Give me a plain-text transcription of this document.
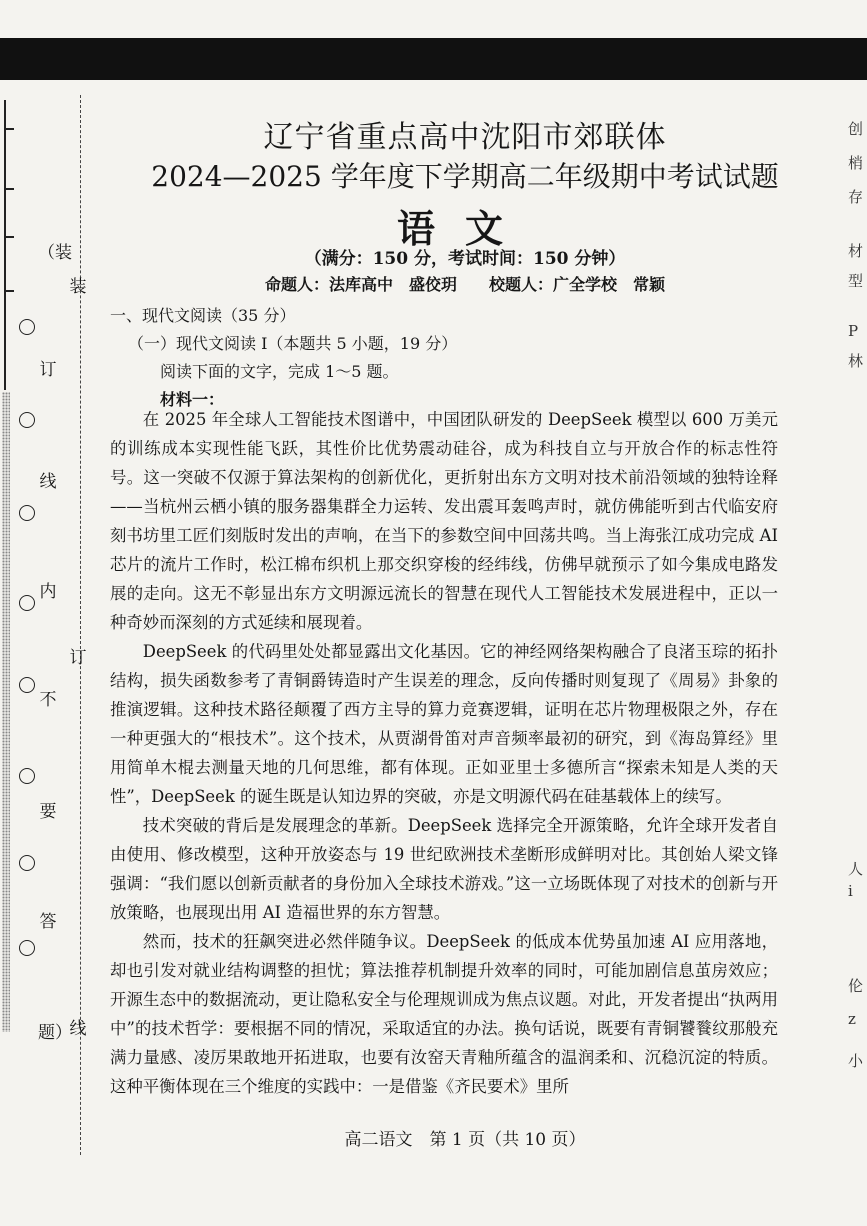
（装
订
线
内
不
要
答
题）
装
订
线
创
梢
存
材
型
P
林
人
i
伦
z
小
辽宁省重点高中沈阳市郊联体
2024—2025 学年度下学期高二年级期中考试试题
语文
（满分：150 分，考试时间：150 分钟）
命题人：法库高中　盛佼玥　　校题人：广全学校　常颖
一、现代文阅读（35 分）
（一）现代文阅读 I（本题共 5 小题，19 分）
阅读下面的文字，完成 1～5 题。
材料一：

在 2025 年全球人工智能技术图谱中，中国团队研发的 DeepSeek 模型以 600 万美元的训练成本实现性能飞跃，其性价比优势震动硅谷，成为科技自立与开放合作的标志性符号。这一突破不仅源于算法架构的创新优化，更折射出东方文明对技术前沿领域的独特诠释——当杭州云栖小镇的服务器集群全力运转、发出震耳轰鸣声时，就仿佛能听到古代临安府刻书坊里工匠们刻版时发出的声响，在当下的参数空间中回荡共鸣。当上海张江成功完成 AI 芯片的流片工作时，松江棉布织机上那交织穿梭的经纬线，仿佛早就预示了如今集成电路发展的走向。这无不彰显出东方文明源远流长的智慧在现代人工智能技术发展进程中，正以一种奇妙而深刻的方式延续和展现着。

DeepSeek 的代码里处处都显露出文化基因。它的神经网络架构融合了良渚玉琮的拓扑结构，损失函数参考了青铜爵铸造时产生误差的理念，反向传播时则复现了《周易》卦象的推演逻辑。这种技术路径颠覆了西方主导的算力竞赛逻辑，证明在芯片物理极限之外，存在一种更强大的“根技术”。这个技术，从贾湖骨笛对声音频率最初的研究，到《海岛算经》里用简单木棍去测量天地的几何思维，都有体现。正如亚里士多德所言“探索未知是人类的天性”，DeepSeek 的诞生既是认知边界的突破，亦是文明源代码在硅基载体上的续写。

技术突破的背后是发展理念的革新。DeepSeek 选择完全开源策略，允许全球开发者自由使用、修改模型，这种开放姿态与 19 世纪欧洲技术垄断形成鲜明对比。其创始人梁文锋强调：“我们愿以创新贡献者的身份加入全球技术游戏。”这一立场既体现了对技术的创新与开放策略，也展现出用 AI 造福世界的东方智慧。

然而，技术的狂飙突进必然伴随争议。DeepSeek 的低成本优势虽加速 AI 应用落地，却也引发对就业结构调整的担忧；算法推荐机制提升效率的同时，可能加剧信息茧房效应；开源生态中的数据流动，更让隐私安全与伦理规训成为焦点议题。对此，开发者提出“执两用中”的技术哲学：要根据不同的情况，采取适宜的办法。换句话说，既要有青铜饕餮纹那般充满力量感、凌厉果敢地开拓进取，也要有汝窑天青釉所蕴含的温润柔和、沉稳沉淀的特质。这种平衡体现在三个维度的实践中：一是借鉴《齐民要术》里所

高二语文　第 1 页（共 10 页）
